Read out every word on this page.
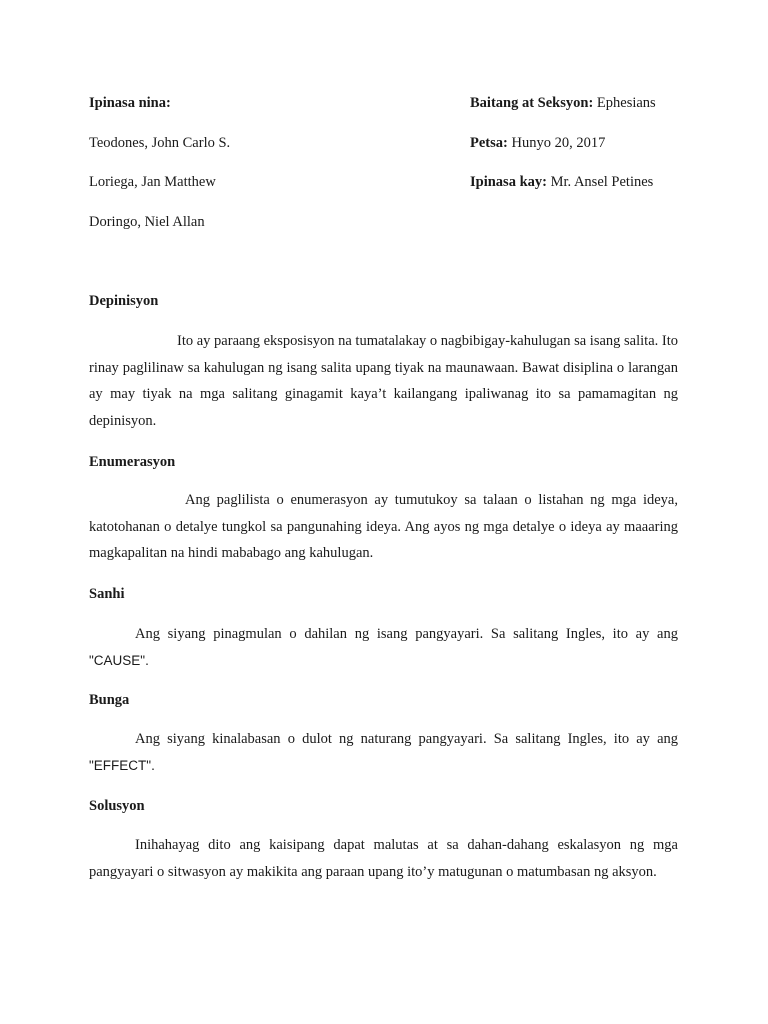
Ipinasa nina:
Teodones, John Carlo S.
Loriega, Jan Matthew
Doringo, Niel Allan
Baitang at Seksyon: Ephesians
Petsa: Hunyo 20, 2017
Ipinasa kay: Mr. Ansel Petines
Depinisyon

Ito ay paraang eksposisyon na tumatalakay o nagbibigay-kahulugan sa isang salita. Ito rinay paglilinaw sa kahulugan ng isang salita upang tiyak na maunawaan. Bawat disiplina o larangan ay may tiyak na mga salitang ginagamit kaya’t kailangang ipaliwanag ito sa pamamagitan ng depinisyon.

Enumerasyon

Ang paglilista o enumerasyon ay tumutukoy sa talaan o listahan ng mga ideya, katotohanan o detalye tungkol sa pangunahing ideya. Ang ayos ng mga detalye o ideya ay maaaring magkapalitan na hindi mababago ang kahulugan.

Sanhi

Ang siyang pinagmulan o dahilan ng isang pangyayari. Sa salitang Ingles, ito ay ang "CAUSE".

Bunga

Ang siyang kinalabasan o dulot ng naturang pangyayari. Sa salitang Ingles, ito ay ang "EFFECT".

Solusyon

Inihahayag dito ang kaisipang dapat malutas at sa dahan-dahang eskalasyon ng mga pangyayari o sitwasyon ay makikita ang paraan upang ito’y matugunan o matumbasan ng aksyon.
